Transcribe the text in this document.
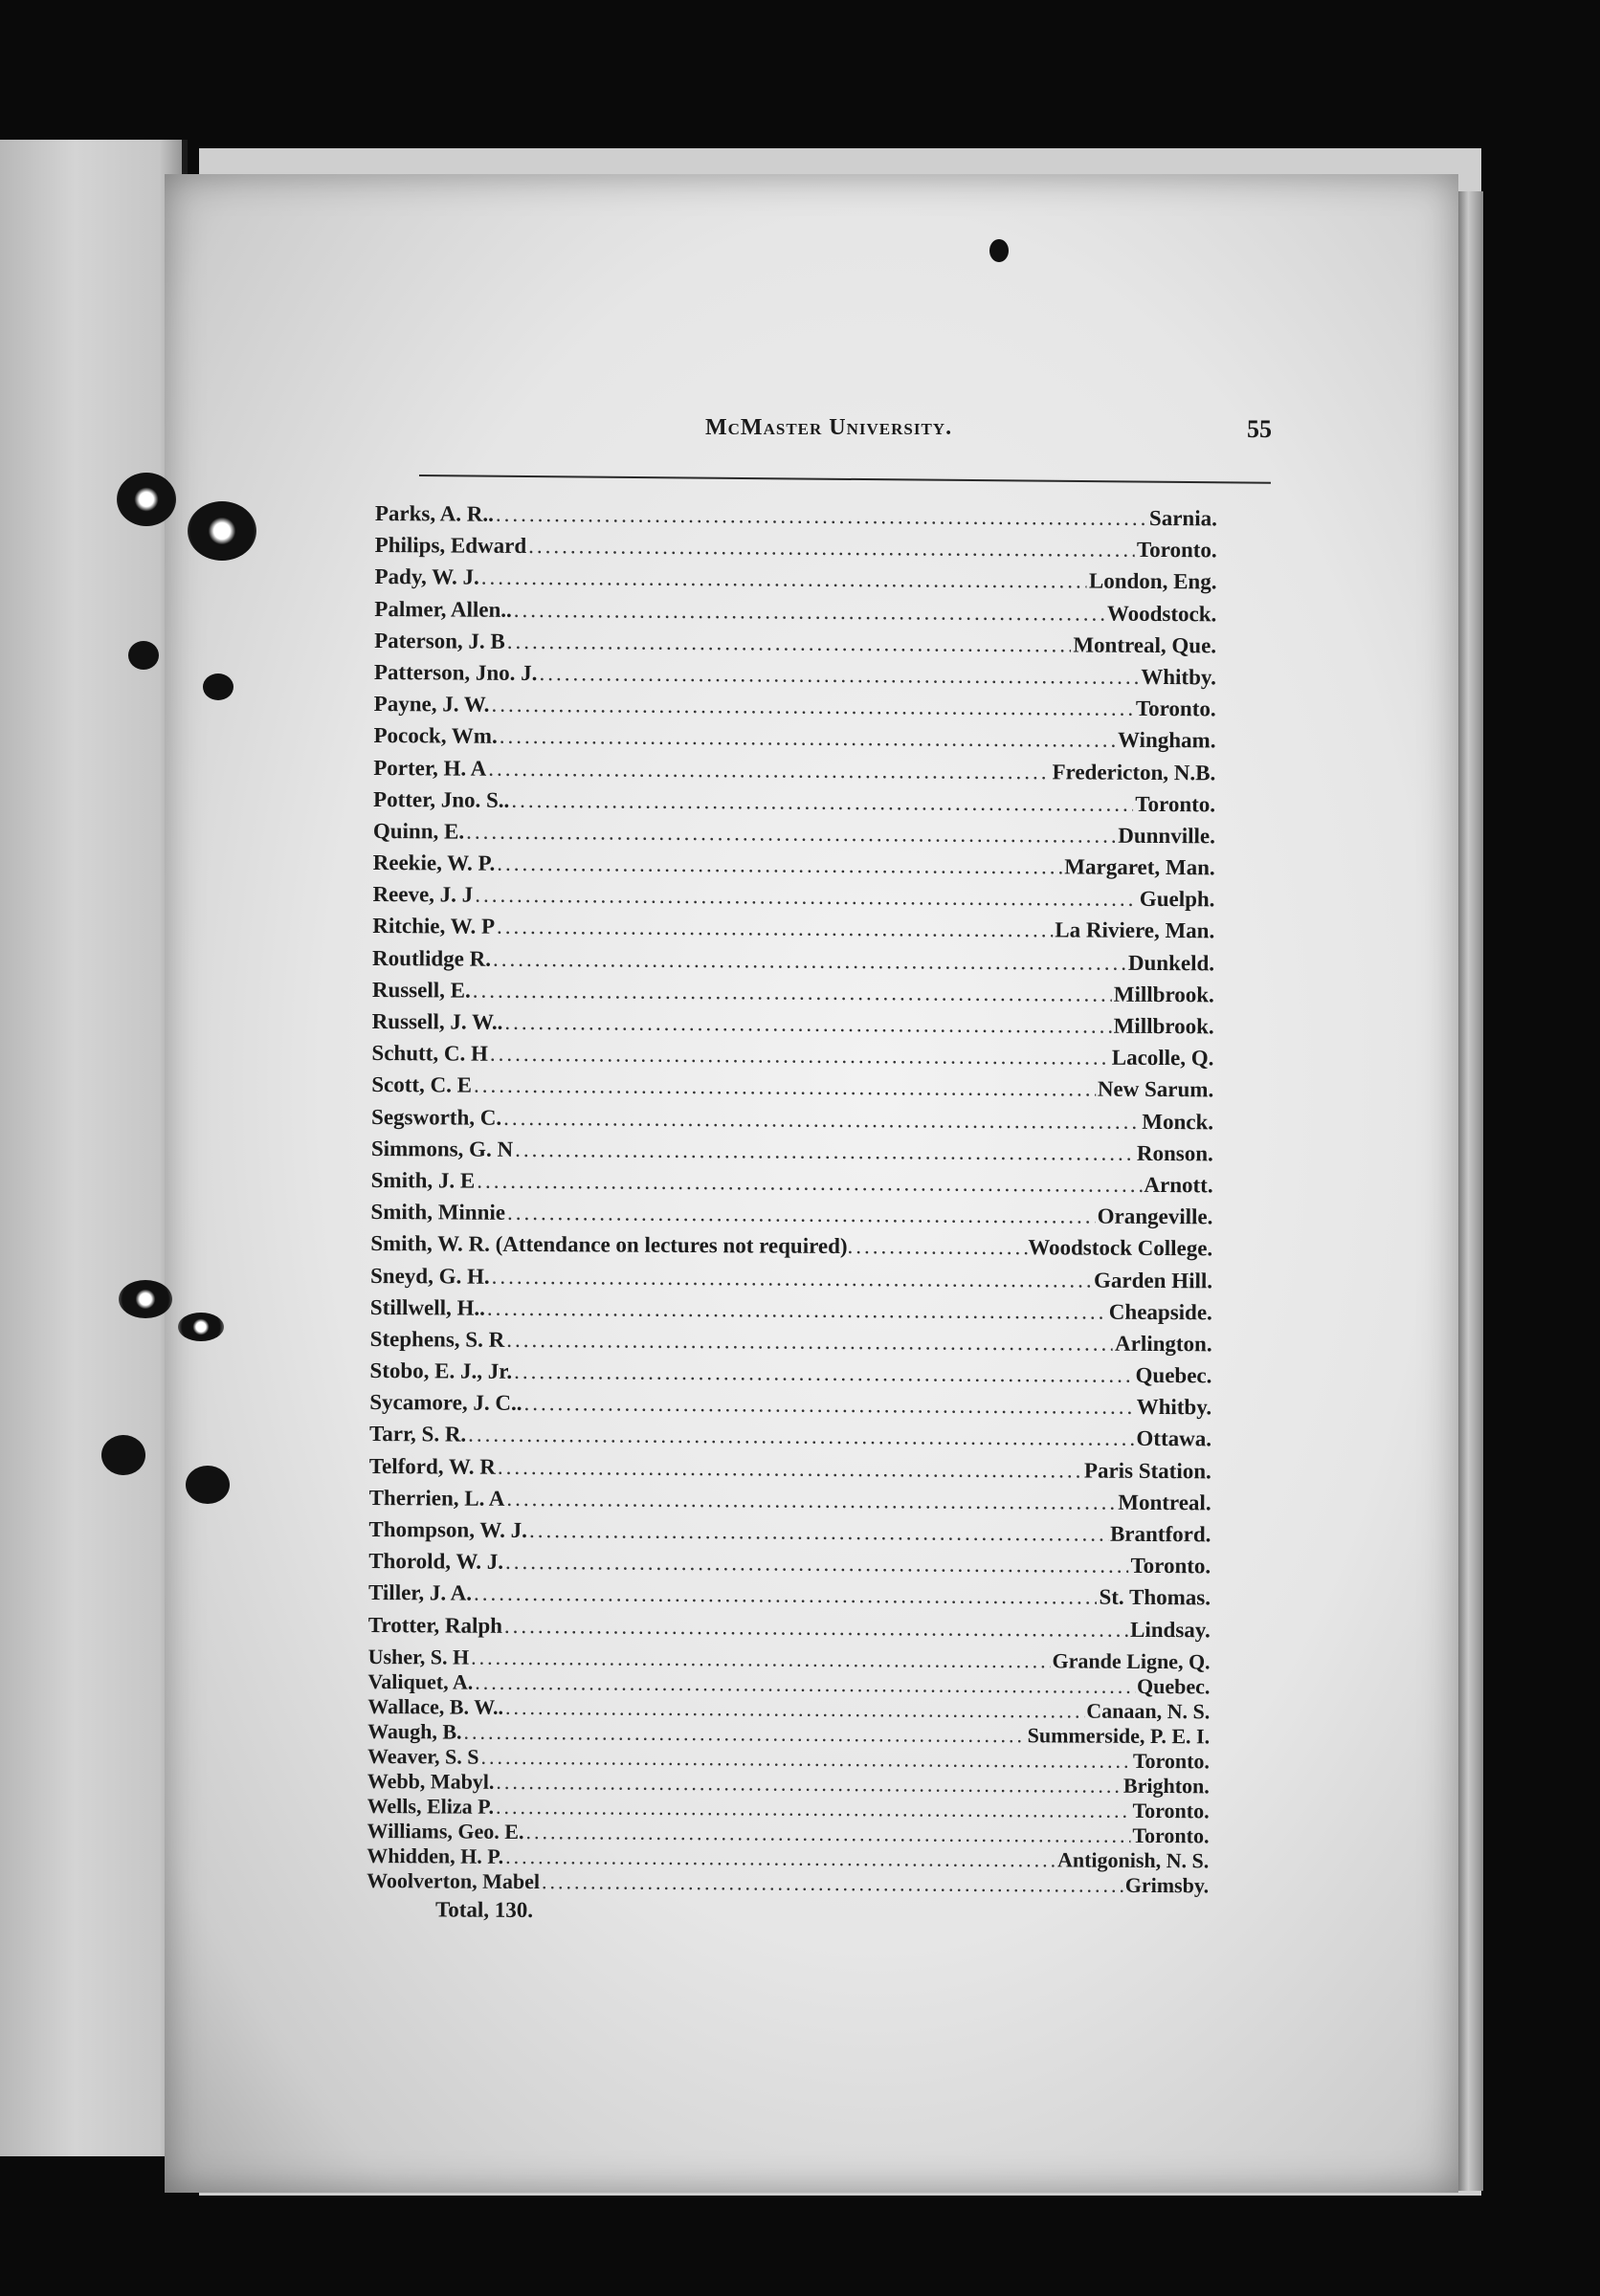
McMaster University.	55
Parks, A. R.. .....	Sarnia.
Philips, Edward .....	Toronto.
Pady, W. J. .....	London, Eng.
Palmer, Allen.. .....	Woodstock.
Paterson, J. B .....	Montreal, Que.
Patterson, Jno. J. .....	Whitby.
Payne, J. W. .....	Toronto.
Pocock, Wm. .....	Wingham.
Porter, H. A .....	Fredericton, N.B.
Potter, Jno. S.. .....	Toronto.
Quinn, E. .....	Dunnville.
Reekie, W. P. .....	Margaret, Man.
Reeve, J. J .....	Guelph.
Ritchie, W. P .....	La Riviere, Man.
Routlidge R. .....	Dunkeld.
Russell, E. .....	Millbrook.
Russell, J. W.. .....	Millbrook.
Schutt, C. H .....	Lacolle, Q.
Scott, C. E .....	New Sarum.
Segsworth, C. .....	Monck.
Simmons, G. N .....	Ronson.
Smith, J. E .....	Arnott.
Smith, Minnie .....	Orangeville.
Smith, W. R. (Attendance on lectures not required) .....	Woodstock College.
Sneyd, G. H. .....	Garden Hill.
Stillwell, H.. .....	Cheapside.
Stephens, S. R .....	Arlington.
Stobo, E. J., Jr. .....	Quebec.
Sycamore, J. C.. .....	Whitby.
Tarr, S. R. .....	Ottawa.
Telford, W. R .....	Paris Station.
Therrien, L. A .....	Montreal.
Thompson, W. J. .....	Brantford.
Thorold, W. J. .....	Toronto.
Tiller, J. A. .....	St. Thomas.
Trotter, Ralph .....	Lindsay.
Usher, S. H .....	Grande Ligne, Q.
Valiquet, A. .....	Quebec.
Wallace, B. W.. .....	Canaan, N. S.
Waugh, B. .....	Summerside, P. E. I.
Weaver, S. S .....	Toronto.
Webb, Mabyl. .....	Brighton.
Wells, Eliza P. .....	Toronto.
Williams, Geo. E. .....	Toronto.
Whidden, H. P. .....	Antigonish, N. S.
Woolverton, Mabel .....	Grimsby.
Total, 130.
